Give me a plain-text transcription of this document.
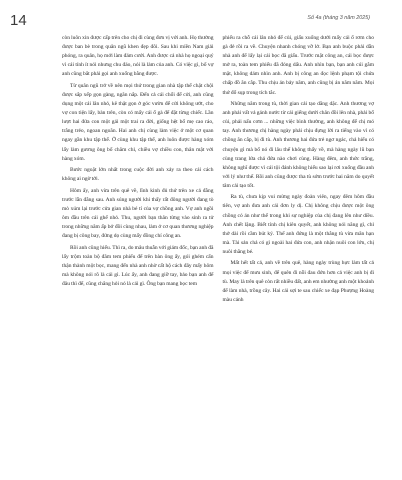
14	Số 4a (tháng 3 năm 2025)

còn luôn xin được cấp trên cho chị đi cùng đơn vị với anh. Họ thường được ban bè trong quân ngũ khen đẹp đôi. Sau khi miền Nam giải phóng, ra quân, họ mới làm đám cưới. Anh được cả nhà họ ngoại quý vì cái tính ít nói nhưng chu đáo, nói là làm của anh. Có việc gì, bố vợ anh cũng bắt phải gọi anh xuống bằng được.

Từ quân ngũ trở về nên mọi thứ trong gian nhà tập thể chật chội được sắp xếp gọn gàng, ngăn nắp. Đến cả cái chổi để cửi, anh cũng dụng một cái lân nhỏ, kê thật gọn ở góc vườn để cửi không ướt, cho vợ con tiện lấy, bàn trên, còn có mấy cái ổ gà để đặt từng chiếc. Lần lượt hai đứa con một gái một trai ra đời, giống hệt bố mẹ cao ráo, trắng trẻo, ngoan ngoãn. Hai anh chị cùng làm việc ở một cơ quan ngay gần khu tập thể. Ở cùng khu tập thể, anh luôn được hàng xóm lấy làm gương ông bố chăm chỉ, chiều vợ chiều con, thân mật với hàng xóm.

Bước ngoặt lớn nhất trong cuộc đời anh xảy ra theo cái cách không ai ngờ tới.

Hôm ấy, anh vừa trên quê về, lĩnh kinh đủ thứ trên xe cả đằng trước lẫn đằng sau. Anh súng người khi thấy rất đông người đang tò mò xúm lại trước cửa gian nhà bé tí của vợ chồng anh. Vợ anh ngồi ôm đầu trên cái ghế nhỏ. Thu, người bạn thân từng vào sinh ra tử trong những năm ấp bở đồi cùng nhau, làm ở cơ quan thương nghiệp đang bị công bay, đứng dọ cùng mấy đồng chí công an.

Rồi anh cũng hiểu. Thì ra, do mâu thuẫn với giám đốc, bạn anh đã lấy trộm toàn bộ đâm tem phiếu để trên bàn ông ấy, gói ghém cẩn thận thành một bọc, mang đến nhà anh nhờ cất hộ cách đây mấy hôm mà không nói rõ là cái gì. Lúc ấy, anh đang giỡ tay, bảo bạn anh để đâu thì để, cũng chẳng hỏi nó là cái gì. Ông bạn mang bọc tem

phiếu ra chỗ cái lân nhỏ để củi, giấu xuống dưới mấy cái ổ rơm cho gà đẻ rồi ra về. Chuyện nhanh chóng vỡ lở. Bạn anh buộc phải dẫn nhà anh để lấy lại cái bọc đã giấu. Trước mặt công an, cái bọc được mở ra, toàn tem phiếu đã đóng dấu. Anh nhìn bạn, bạn anh cúi gằm mặt, không dám nhìn anh. Anh bị công an đọc lệnh phạm tội chứa chấp đồ ăn cắp. Thu chịu án bảy năm, anh cũng bị án năm năm. Mọi thứ đổ sụp trong tích tắc.

Những năm trong tù, thời gian cải tạo dằng dặc. Anh thương vợ anh phải vất vả gánh nước từ cái giếng dưới chân đồi lên nhà, phải bổ củi, phải nấu cơm ... những việc bình thường, anh không để chị mó tay. Anh thương chị hàng ngày phải chịu đựng lời ra tiếng vào vì có chồng ăn cắp, bị đi tù. Anh thương hai đứa trẻ ngơ ngác, chả hiểu có chuyện gì mà bố nó đi lâu thế không thấy về, mà hàng ngày lũ bạn cùng trang lứa chả đứa nào chơi cùng. Hàng đêm, anh thức trắng, không nghĩ được vì cái tội đánh không hiểu sao lại rơi xuống đầu anh với lý như thế. Rồi anh cũng được tha tù sớm trước hai năm do quyết tâm cải tạo tốt.

Ra tù, chưa kịp vui mừng ngày đoàn viên, ngay đêm hôm đầu tiên, vợ anh đưa anh cái đơn ly dị. Chị không chịu được một ông chồng có án như thế trong khi sự nghiệp của chị đang lên như diều. Anh chết lặng. Biết tính chị kiên quyết, anh không nói năng gì, chỉ thở dài rồi cầm bút ký. Thế anh đứng là một thằng tù vừa mãn hạn mà. Tài sản chả có gì ngoài hai đứa con, anh nhận nuôi con lớn, chị nuôi thằng bé.

Mất hết tất cả, anh về trên quê, hàng ngày trùng hực làm tất cả mọi việc để mưu sinh, để quên đi nỗi đau đớn hơn cả việc anh bị đi tù. May là trên quê còn rất nhiều đất, anh em nhường anh một khoảnh để làm nhà, trồng cây. Hai cái sợi te sau chiếc xe đạp Phượng Hoàng màu cánh
